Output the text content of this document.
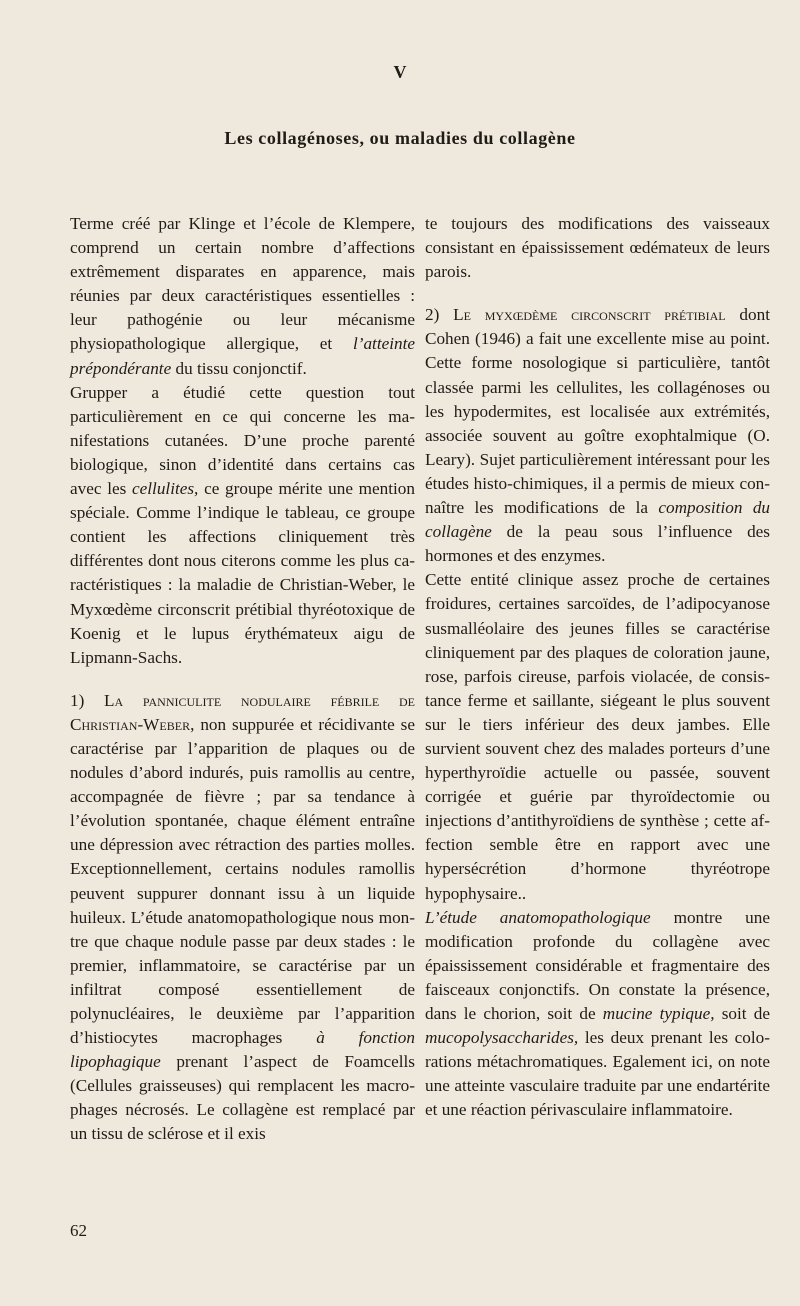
V
Les collagénoses, ou maladies du collagène

Terme créé par Klinge et l’école de Klempere, comprend un certain nombre d’affections extrêmement disparates en apparence, mais réunies par deux caractéristiques essentielles : leur pathogénie ou leur mécanisme physiopathologique allergique, et l’atteinte prépondérante du tissu conjonctif.

Grupper a étudié cette question tout particulièrement en ce qui concerne les manifestations cutanées. D’une proche parenté biologique, sinon d’identité dans certains cas avec les cellulites, ce groupe mérite une mention spéciale. Comme l’indique le tableau, ce groupe contient les affections cliniquement très différentes dont nous citerons comme les plus caractéristiques : la maladie de Christian-Weber, le Myxœdème circonscrit prétibial thyréotoxique de Koenig et le lupus érythémateux aigu de Lipmann-Sachs.

1) La panniculite nodulaire fébrile de Christian-Weber, non suppurée et récidivante se caractérise par l’apparition de plaques ou de nodules d’abord indurés, puis ramollis au centre, accompagnée de fièvre ; par sa tendance à l’évolution spontanée, chaque élément entraîne une dépression avec rétraction des parties molles. Exceptionnellement, certains nodules ramollis peuvent suppurer donnant issu à un liquide huileux. L’étude anatomopathologique nous montre que chaque nodule passe par deux stades : le premier, inflammatoire, se caractérise par un infiltrat composé essentiellement de polynucléaires, le deuxième par l’apparition d’histiocytes macrophages à fonction lipophagique prenant l’aspect de Foamcells (Cellules graisseuses) qui remplacent les macrophages nécrosés. Le collagène est remplacé par un tissu de sclérose et il exis

te toujours des modifications des vaisseaux consistant en épaississement œdémateux de leurs parois.

2) Le myxœdème circonscrit prétibial dont Cohen (1946) a fait une excellente mise au point. Cette forme nosologique si particulière, tantôt classée parmi les cellulites, les collagénoses ou les hypodermites, est localisée aux extrémités, associée souvent au goître exophtalmique (O. Leary). Sujet particulièrement intéressant pour les études histo-chimiques, il a permis de mieux connaître les modifications de la composition du collagène de la peau sous l’influence des hormones et des enzymes.

Cette entité clinique assez proche de certaines froidures, certaines sarcoïdes, de l’adipocyanose susmalléolaire des jeunes filles se caractérise cliniquement par des plaques de coloration jaune, rose, parfois cireuse, parfois violacée, de consistance ferme et saillante, siégeant le plus souvent sur le tiers inférieur des deux jambes. Elle survient souvent chez des malades porteurs d’une hyperthyroïdie actuelle ou passée, souvent corrigée et guérie par thyroïdectomie ou injections d’antithyroïdiens de synthèse ; cette affection semble être en rapport avec une hypersécrétion d’hormone thyréotrope hypophysaire..

L’étude anatomopathologique montre une modification profonde du collagène avec épaississement considérable et fragmentaire des faisceaux conjonctifs. On constate la présence, dans le chorion, soit de mucine typique, soit de mucopolysaccharides, les deux prenant les colorations métachromatiques. Egalement ici, on note une atteinte vasculaire traduite par une endartérite et une réaction périvasculaire inflammatoire.

62
